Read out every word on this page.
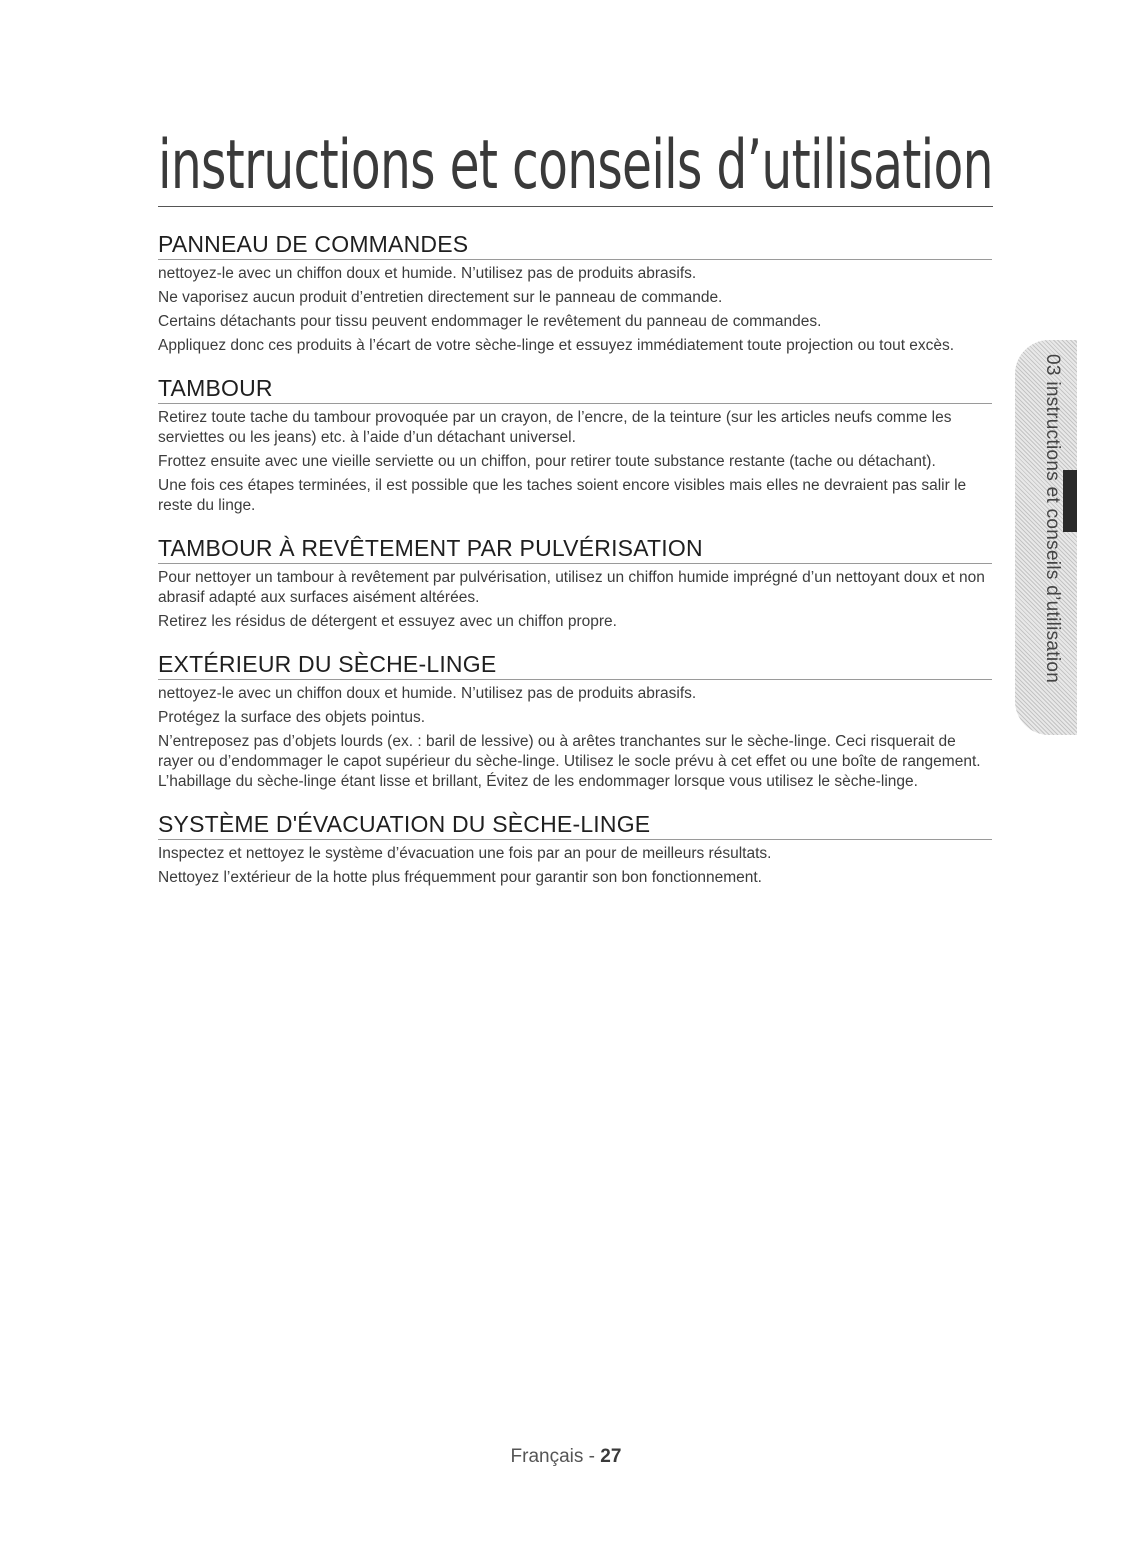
instructions et conseils d’utilisation
PANNEAU DE COMMANDES

nettoyez-le avec un chiffon doux et humide. N’utilisez pas de produits abrasifs.

Ne vaporisez aucun produit d’entretien directement sur le panneau de commande.

Certains détachants pour tissu peuvent endommager le revêtement du panneau de commandes.

Appliquez donc ces produits à l’écart de votre sèche-linge et essuyez immédiatement toute projection ou tout excès.

TAMBOUR

Retirez toute tache du tambour provoquée par un crayon, de l’encre, de la teinture (sur les articles neufs comme les serviettes ou les jeans) etc. à l’aide d’un détachant universel.

Frottez ensuite avec une vieille serviette ou un chiffon, pour retirer toute substance restante (tache ou détachant).

Une fois ces étapes terminées, il est possible que les taches soient encore visibles mais elles ne devraient pas salir le reste du linge.

TAMBOUR À REVÊTEMENT PAR PULVÉRISATION

Pour nettoyer un tambour à revêtement par pulvérisation, utilisez un chiffon humide imprégné d’un nettoyant doux et non abrasif adapté aux surfaces aisément altérées.

Retirez les résidus de détergent et essuyez avec un chiffon propre.

EXTÉRIEUR DU SÈCHE-LINGE

nettoyez-le avec un chiffon doux et humide. N’utilisez pas de produits abrasifs.

Protégez la surface des objets pointus.

N’entreposez pas d’objets lourds (ex. : baril de lessive) ou à arêtes tranchantes sur le sèche-linge. Ceci risquerait de rayer ou d’endommager le capot supérieur du sèche-linge. Utilisez le socle prévu à cet effet ou une boîte de rangement. L’habillage du sèche-linge étant lisse et brillant, Évitez de les endommager lorsque vous utilisez le sèche-linge.

SYSTÈME D'ÉVACUATION DU SÈCHE-LINGE

Inspectez et nettoyez le système d’évacuation une fois par an pour de meilleurs résultats.

Nettoyez l’extérieur de la hotte plus fréquemment pour garantir son bon fonctionnement.

03 instructions et conseils d’utilisation
Français - 27
